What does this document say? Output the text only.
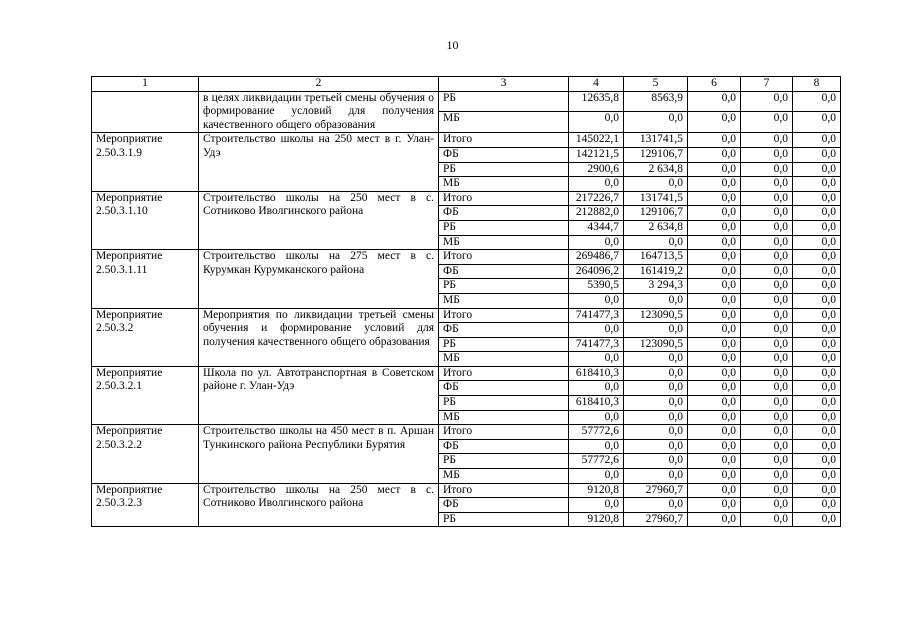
10
1	2	3	4	5	6	7	8
	в целях ликвидации третьей смены обучения о формирование условий для получения качественного общего образования	РБ	12635,8	8563,9	0,0	0,0	0,0
		МБ	0,0	0,0	0,0	0,0	0,0
Мероприятие 2.50.3.1.9	Строительство школы на 250 мест в г. Улан-Удэ	Итого	145022,1	131741,5	0,0	0,0	0,0
		ФБ	142121,5	129106,7	0,0	0,0	0,0
		РБ	2900,6	2 634,8	0,0	0,0	0,0
		МБ	0,0	0,0	0,0	0,0	0,0
Мероприятие 2.50.3.1.10	Строительство школы на 250 мест в с. Сотниково Иволгинского района	Итого	217226,7	131741,5	0,0	0,0	0,0
		ФБ	212882,0	129106,7	0,0	0,0	0,0
		РБ	4344,7	2 634,8	0,0	0,0	0,0
		МБ	0,0	0,0	0,0	0,0	0,0
Мероприятие 2.50.3.1.11	Строительство школы на 275 мест в с. Курумкан Курумканского района	Итого	269486,7	164713,5	0,0	0,0	0,0
		ФБ	264096,2	161419,2	0,0	0,0	0,0
		РБ	5390,5	3 294,3	0,0	0,0	0,0
		МБ	0,0	0,0	0,0	0,0	0,0
Мероприятие 2.50.3.2	Мероприятия по ликвидации третьей смены обучения и формирование условий для получения качественного общего образования	Итого	741477,3	123090,5	0,0	0,0	0,0
		ФБ	0,0	0,0	0,0	0,0	0,0
		РБ	741477,3	123090,5	0,0	0,0	0,0
		МБ	0,0	0,0	0,0	0,0	0,0
Мероприятие 2.50.3.2.1	Школа по ул. Автотранспортная в Советском районе г. Улан-Удэ	Итого	618410,3	0,0	0,0	0,0	0,0
		ФБ	0,0	0,0	0,0	0,0	0,0
		РБ	618410,3	0,0	0,0	0,0	0,0
		МБ	0,0	0,0	0,0	0,0	0,0
Мероприятие 2.50.3.2.2	Строительство школы на 450 мест в п. Аршан Тункинского района Республики Бурятия	Итого	57772,6	0,0	0,0	0,0	0,0
		ФБ	0,0	0,0	0,0	0,0	0,0
		РБ	57772,6	0,0	0,0	0,0	0,0
		МБ	0,0	0,0	0,0	0,0	0,0
Мероприятие 2.50.3.2.3	Строительство школы на 250 мест в с. Сотниково Иволгинского района	Итого	9120,8	27960,7	0,0	0,0	0,0
		ФБ	0,0	0,0	0,0	0,0	0,0
		РБ	9120,8	27960,7	0,0	0,0	0,0
